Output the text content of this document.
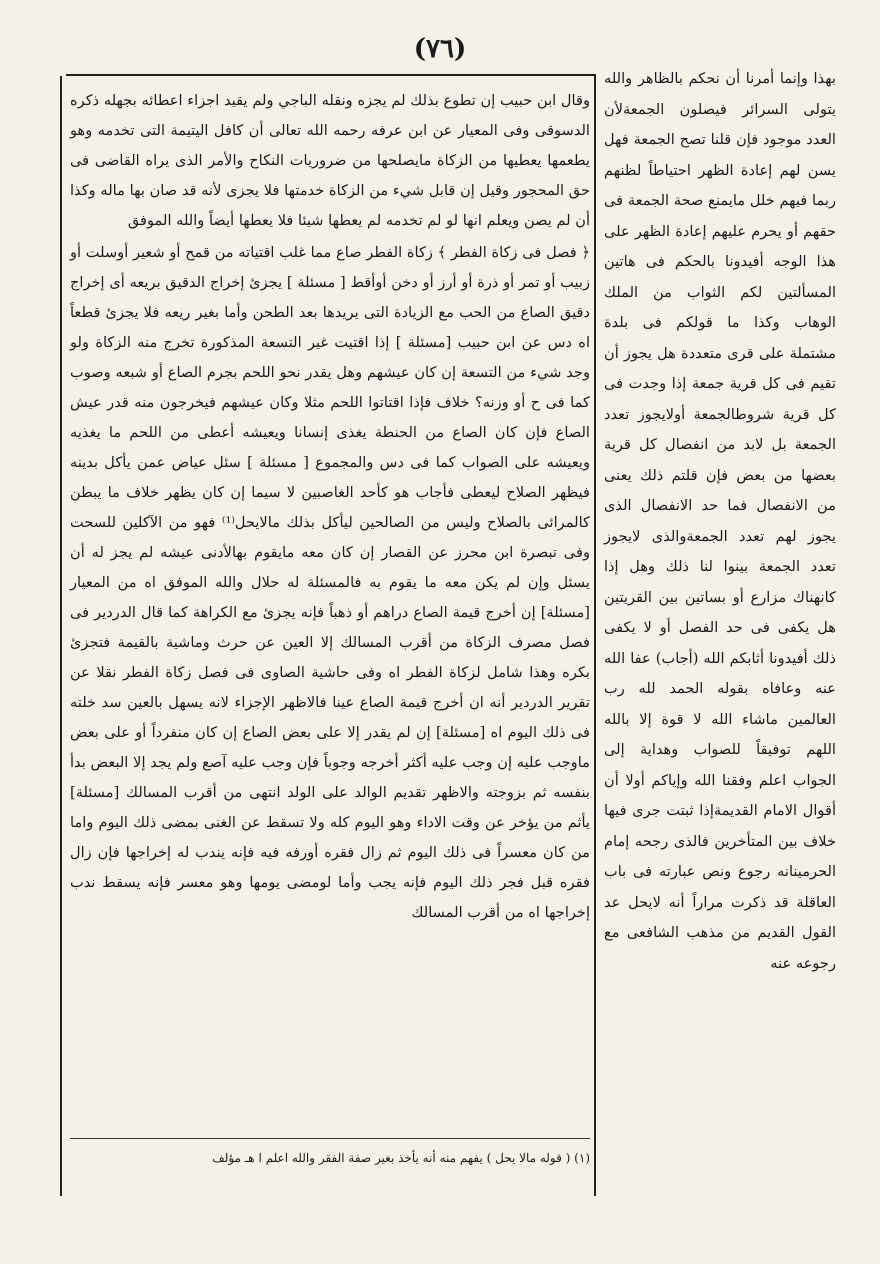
(٧٦)

وقال ابن حبيب إن تطوع بذلك لم يجزه ونقله الباجي ولم يقيد اجزاء اعطائه بجهله ذكره الدسوقى وفى المعيار عن ابن عرفه رحمه الله تعالى أن كافل اليتيمة التى تخدمه وهو يطعمها يعطيها من الزكاة مايصلحها من ضروريات النكاح والأمر الذى يراه القاضى فى حق المحجور وقيل إن قابل شيء من الزكاة خدمتها فلا يجزى لأنه قد صان بها ماله وكذا أن لم يصن ويعلم انها لو لم تخدمه لم يعطها شيئا فلا يعطها أيضاً والله الموفق

﴿ فصل فى زكاة الفطر ﴾ زكاة الفطر صاع مما غلب اقتياته من قمح أو شعير أوسلت أو زبيب أو تمر أو ذرة أو أرز أو دخن أوأقط [ مسئلة ] يجزئ إخراج الدقيق بريعه أى إخراج دقيق الصاع من الحب مع الزيادة التى يريدها بعد الطحن وأما بغير ريعه فلا يجزئ قطعاً اه دس عن ابن حبيب [مسئلة ] إذا اقتيت غير التسعة المذكورة تخرج منه الزكاة ولو وجد شيء من التسعة إن كان عيشهم وهل يقدر نحو اللحم بجرم الصاع أو شبعه وصوب كما فى ح أو وزنه؟ خلاف فإذا اقتاتوا اللحم مثلا وكان عيشهم فيخرجون منه قدر عيش الصاع فإن كان الصاع من الحنطة يغذى إنسانا ويعيشه أعطى من اللحم ما يغذيه ويعيشه على الصواب كما فى دس والمجموع [ مسئلة ] سئل عياض عمن يأكل بدينه فيظهر الصلاح ليعطى فأجاب هو كأحد الغاصبين لا سيما إن كان يظهر خلاف ما يبطن كالمرائى بالصلاح وليس من الصالحين ليأكل بذلك مالايحل⁽¹⁾ فهو من الآكلين للسحت وفى تبصرة ابن محرز عن القصار إن كان معه مايقوم بهالأدنى عيشه لم يجز له أن يسئل وإن لم يكن معه ما يقوم به فالمسئلة له حلال والله الموفق اه من المعيار [مسئلة] إن أخرج قيمة الصاع دراهم أو ذهباً فإنه يجزئ مع الكراهة كما قال الدردير فى فصل مصرف الزكاة من أقرب المسالك إلا العين عن حرث وماشية بالقيمة فتجزئ بكره وهذا شامل لزكاة الفطر اه وفى حاشية الصاوى فى فصل زكاة الفطر نقلا عن تقرير الدردير أنه ان أخرج قيمة الصاع عينا فالاظهر الإجزاء لانه يسهل بالعين سد خلته فى ذلك اليوم اه [مسئلة] إن لم يقدر إلا على بعض الصاع إن كان منفرداً أو على بعض ماوجب عليه إن وجب عليه أكثر أخرجه وجوباً فإن وجب عليه آصع ولم يجد إلا البعض بدأ بنفسه ثم بزوجته والاظهر تقديم الوالد على الولد انتهى من أقرب المسالك [مسئلة] يأثم من يؤخر عن وقت الاداء وهو اليوم كله ولا تسقط عن الغنى بمضى ذلك اليوم واما من كان معسراً فى ذلك اليوم ثم زال فقره أورفه فيه فإنه يندب له إخراجها فإن زال فقره قبل فجر ذلك اليوم فإنه يجب وأما لومضى يومها وهو معسر فإنه يسقط ندب إخراجها اه من أقرب المسالك

(١) ( قوله مالا يحل ) يفهم منه أنه يأخذ بغير صفة الفقر والله اعلم ا هـ مؤلف
بهذا وإنما أمرنا أن نحكم بالظاهر والله يتولى السرائر فيصلون الجمعةلأن العدد موجود فإن قلنا تصح الجمعة فهل يسن لهم إعادة الظهر احتياطاً لظنهم ربما فيهم خلل مايمنع صحة الجمعة فى حقهم أو يحرم عليهم إعادة الظهر على هذا الوجه أفيدونا بالحكم فى هاتين المسألتين لكم الثواب من الملك الوهاب وكذا ما قولكم فى بلدة مشتملة على قرى متعددة هل يجوز أن تقيم فى كل قرية جمعة إذا وجدت فى كل قرية شروطالجمعة أولايجوز تعدد الجمعة بل لابد من انفصال كل قرية بعضها من بعض فإن قلتم ذلك يعنى من الانفصال فما حد الانفصال الذى يجوز لهم تعدد الجمعةوالذى لايجوز تعدد الجمعة بينوا لنا ذلك وهل إذا كانهناك مزارع أو بساتين بين القريتين هل يكفى فى حد الفصل أو لا يكفى ذلك أفيدونا أثابكم الله (أجاب) عفا الله عنه وعافاه بقوله الحمد لله رب العالمين ماشاء الله لا قوة إلا بالله اللهم توفيقاً للصواب وهداية إلى الجواب اعلم وفقنا الله وإياكم أولا أن أقوال الامام القديمةإذا ثبتت جرى فيها خلاف بين المتأخرين فالذى رجحه إمام الحرمينانه رجوع ونص عبارته فى باب العاقلة قد ذكرت مراراً أنه لايحل عد القول القديم من مذهب الشافعى مع رجوعه عنه
